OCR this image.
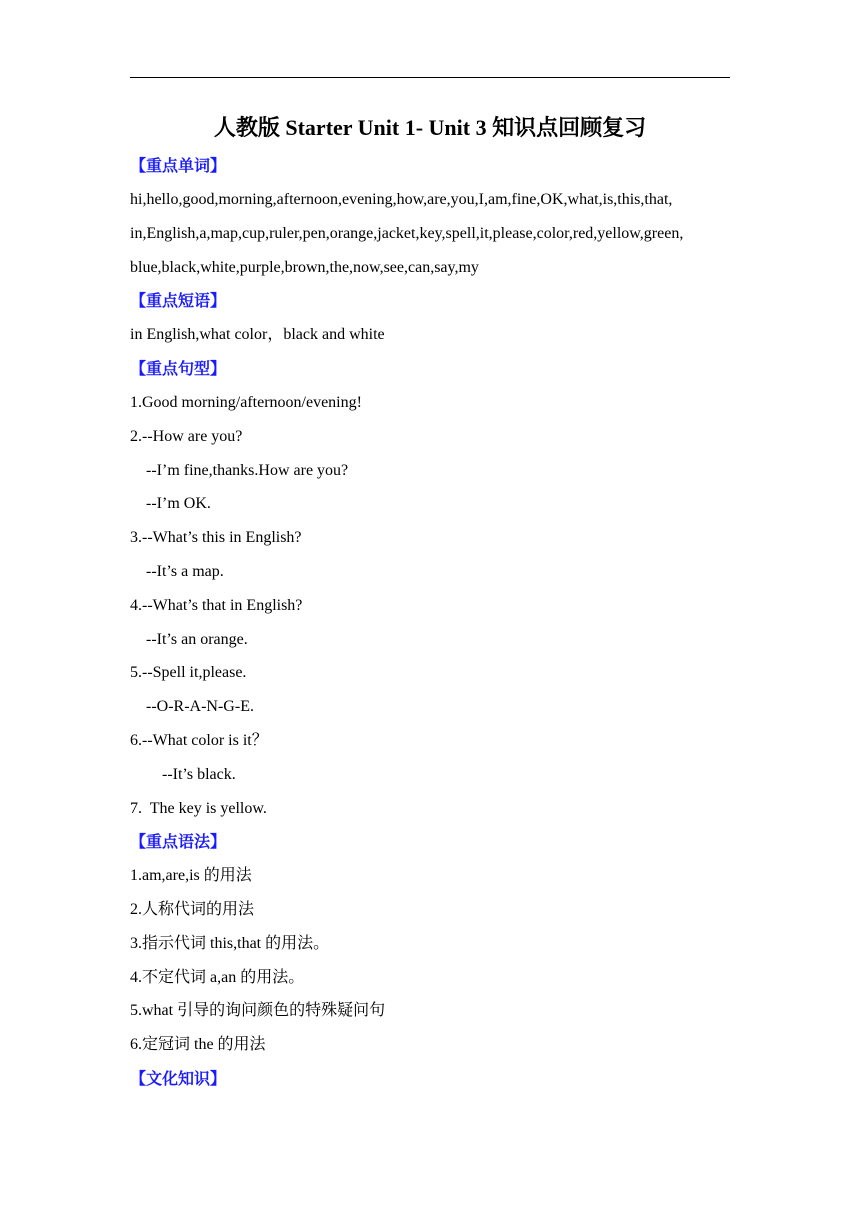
人教版 Starter Unit 1- Unit 3 知识点回顾复习
【重点单词】
hi,hello,good,morning,afternoon,evening,how,are,you,I,am,fine,OK,what,is,this,that,
in,English,a,map,cup,ruler,pen,orange,jacket,key,spell,it,please,color,red,yellow,green,
blue,black,white,purple,brown,the,now,see,can,say,my
【重点短语】
in English,what color，black and white
【重点句型】
1.Good morning/afternoon/evening!
2.--How are you?
--I’m fine,thanks.How are you?
--I’m OK.
3.--What’s this in English?
--It’s a map.
4.--What’s that in English?
--It’s an orange.
5.--Spell it,please.
--O-R-A-N-G-E.
6.--What color is it？
--It’s black.
7.  The key is yellow.
【重点语法】
1.am,are,is 的用法
2.人称代词的用法
3.指示代词 this,that 的用法。
4.不定代词 a,an 的用法。
5.what 引导的询问颜色的特殊疑问句
6.定冠词 the 的用法
【文化知识】
